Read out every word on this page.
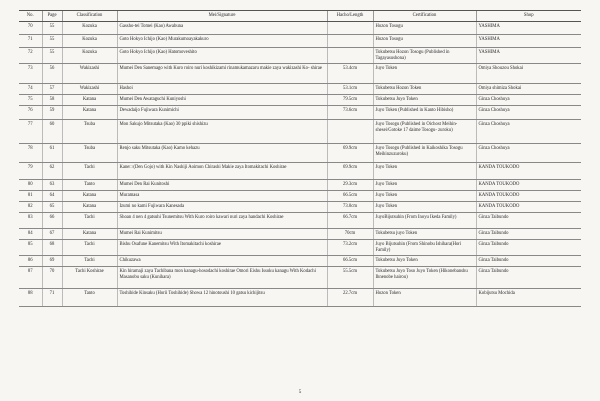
No.	Page	Classification	Mei/Signature	Hacho/Length	Certification	Shop
70	55	Kozuka	Gassho-tei Tomei (Kao) Awabuna		Hozon Tosogu	YASHIMA
71	55	Kozuka	Goto Hokyo Ichijo (Kao) Murakumoayakakuro		Hozon Tosogu	YASHIMA
72	55	Kozuka	Goto Hokyo Ichijo (Kao) Hatomoveshito		Tokubetsu Hozon Tosogu (Published in Tagayasushona)	YASHIMA
73	56	Wakizashi	Mumei Den Sanemago with Kuro roiro nuri koshikizami rinamukamazaru makie zaya wakizashi Ko- shirae	53.4cm	Juyo Token	Omiya Shouzou Shokai
74	57	Wakizashi	Hashoi	53.1cm	Tokubetsu Hozon Token	Omiya shimiza Shokai
75	58	Katana	Mumei Den Awataguchi Kuniyoshi	79.5cm	Tokubetsu Juyo Token	Ginza Choshuya
76	59	Katana	Dewadaijo Fujiwara Kunimichi	73.6cm	Juyo Token (Published in Kanto Hibisho)	Ginza Choshuya
77	60	Tsuba	Mon Sakujo Mitsutaka (Kao) 30 ppiki shishizu		Juyo Tosogu (Published in Oichost Meihin- shesei/Gotoke 17 daime Tosogu- zuroku)	Ginza Choshuya
78	61	Tsuba	Renjo saku Mitsutaka (Kao) Kamo kehazu	69.9cm	Juyo Tosogu (Published in Kaikoshika Tosogu Meihinzuzuroku)	Ginza Choshuya
79	62	Tachi	Kane□ (Den Gojo) with Kin Nashiji Aoimon Chirashi Makie zaya Itomakitachi Koshirae	69.9cm	Juyo Token	KANDA TOUKODO
80	63	Tanto	Mumei Den Rai Kunitoshi	29.3cm	Juyo Token	KANDA TOUKODO
81	64	Katana	Muramasa	66.5cm	Juyo Token	KANDA TOUKODO
82	65	Katana	Izumi no kami Fujiwara Kanesada	73.0cm	Juyo Token	KANDA TOUKODO
83	66	Tachi	Shoan 4 nen 4 gatsuhi Tsunemitsu With Kuro roiro kawari nuri zaya handachi Koshirae	66.7cm	JuyoBijutsuhin (From Inoyu Ikeda Family)	Ginza Taibundo
84	67	Katana	Mumei Rai Kunimitsu	70cm	Tokubetsu juyo Token	Ginza Taibundo
85	68	Tachi	Bishu Osafune Kanemitsu With Itomakitachi koshirae	73.2cm	Juyo Bijutsuhin (From Shinobu Ishihara(Hori Family)	Ginza Taibundo
86	69	Tachi	Chikuzawa	66.5cm	Tokubetsu Juyo Token	Ginza Taibundo
87	70	Tachi Koshirae	Kin hiramaji zaya Tachibana mon kanagu-hosodachi koshirae Omori Eishu Issoku kanagu With Kodachi Masanobu saku (Kunihara)	55.5cm	Tokubetsu Juyo Toso Juyo Token (Hikonebanshu Ihnenobe hairou)	Ginza Taibundo
88	71	Tanto	Toshihide Kinsaku (Horii Toshihide) Showa 12 hinotoushi 10 gatsu kichijitsu	22.7cm	Hozon Token	Kobijutsu Mochida
5
